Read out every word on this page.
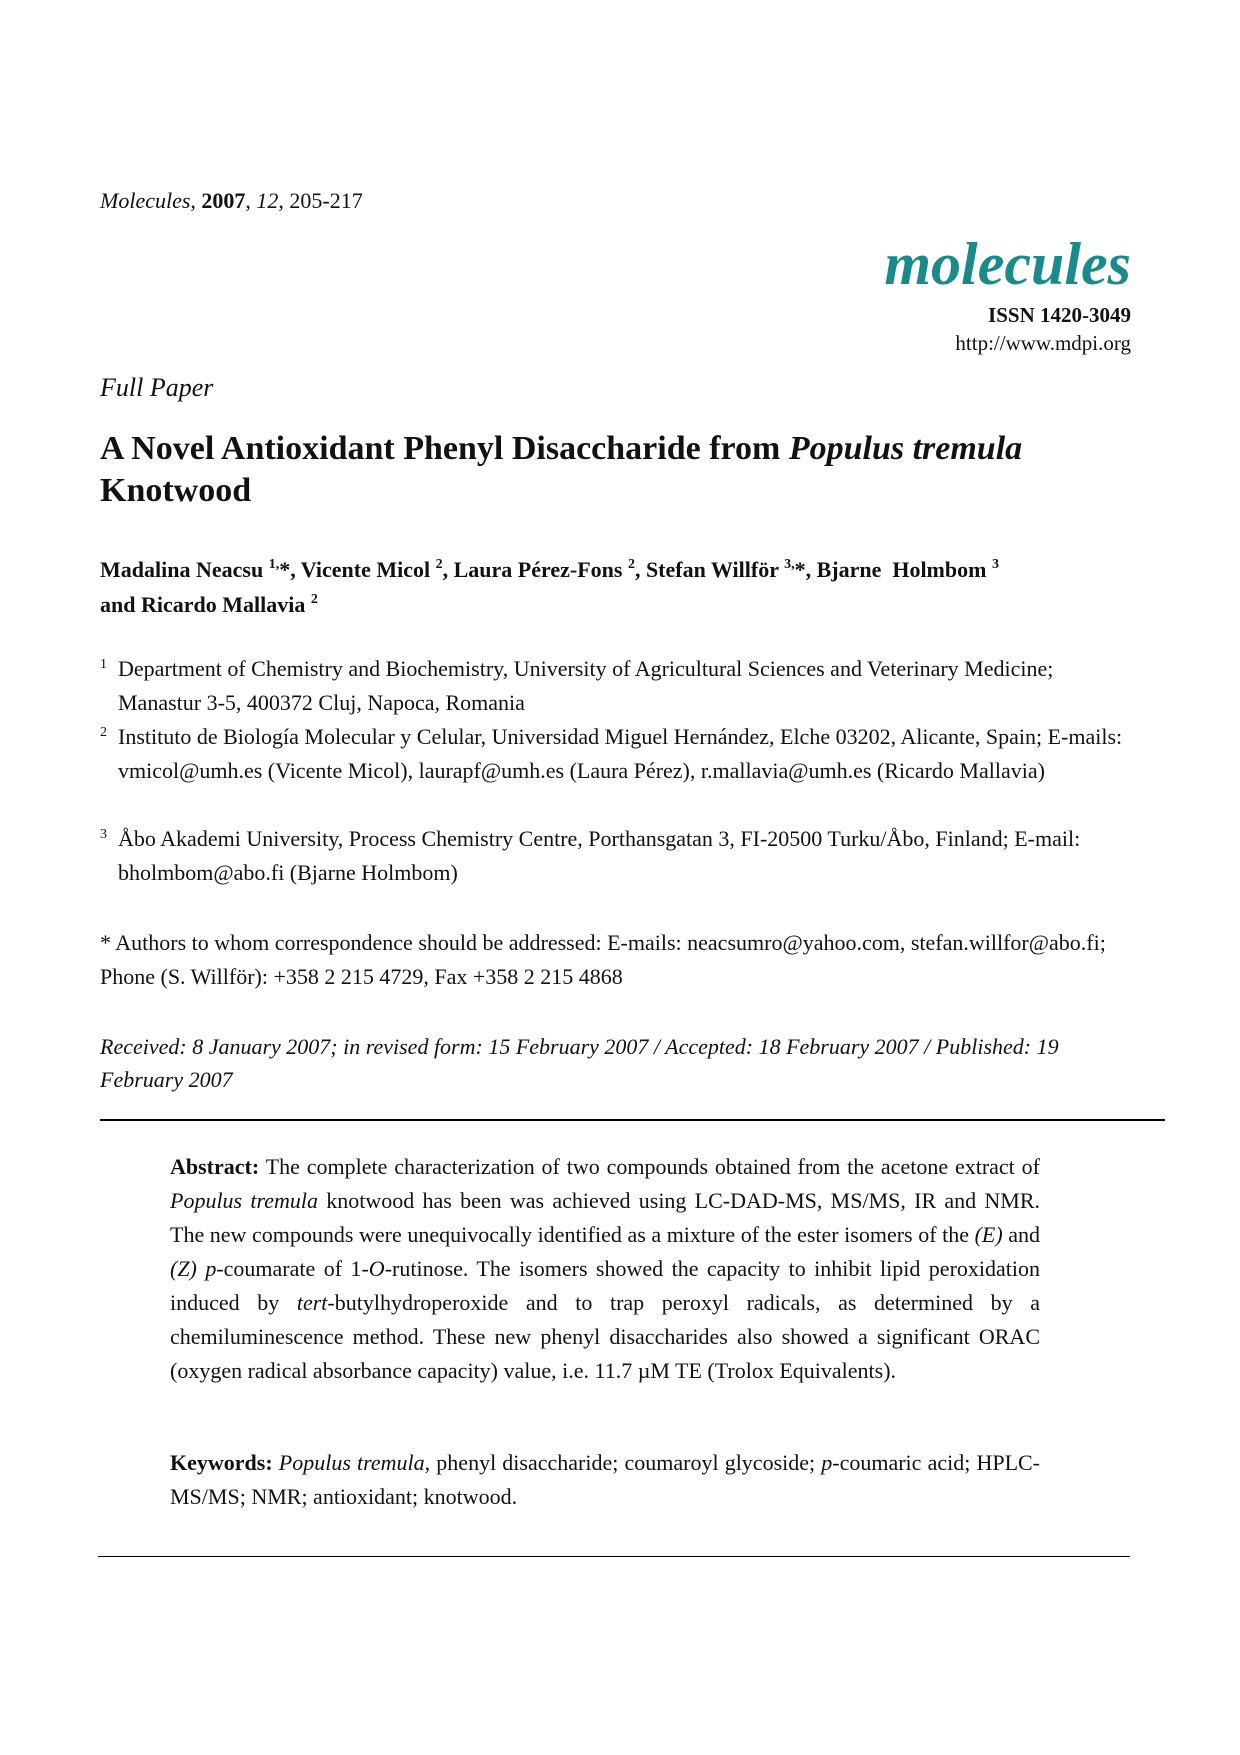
Molecules, 2007, 12, 205-217
molecules
ISSN 1420-3049
http://www.mdpi.org
Full Paper
A Novel Antioxidant Phenyl Disaccharide from Populus tremula
Knotwood
Madalina Neacsu $^{1,}$*, Vicente Micol $^2$, Laura Pérez-Fons $^2$, Stefan Willför $^{3,}$*, Bjarne  Holmbom $^3$
and Ricardo Mallavia $^2$
1 Department of Chemistry and Biochemistry, University of Agricultural Sciences and Veterinary Medicine; Manastur 3-5, 400372 Cluj, Napoca, Romania
2 Instituto de Biología Molecular y Celular, Universidad Miguel Hernández, Elche 03202, Alicante, Spain; E-mails: vmicol@umh.es (Vicente Micol), laurapf@umh.es (Laura Pérez), r.mallavia@umh.es (Ricardo Mallavia)
3 Åbo Akademi University, Process Chemistry Centre, Porthansgatan 3, FI-20500 Turku/Åbo, Finland; E-mail: bholmbom@abo.fi (Bjarne Holmbom)
* Authors to whom correspondence should be addressed: E-mails: neacsumro@yahoo.com, stefan.willfor@abo.fi; Phone (S. Willför): +358 2 215 4729, Fax +358 2 215 4868
Received: 8 January 2007; in revised form: 15 February 2007 / Accepted: 18 February 2007 / Published: 19 February 2007
Abstract: The complete characterization of two compounds obtained from the acetone extract of Populus tremula knotwood has been was achieved using LC-DAD-MS, MS/MS, IR and NMR. The new compounds were unequivocally identified as a mixture of the ester isomers of the (E) and (Z) p-coumarate of 1-O-rutinose. The isomers showed the capacity to inhibit lipid peroxidation induced by tert-butylhydroperoxide and to trap peroxyl radicals, as determined by a chemiluminescence method. These new phenyl disaccharides also showed a significant ORAC (oxygen radical absorbance capacity) value, i.e. 11.7 µM TE (Trolox Equivalents).
Keywords: Populus tremula, phenyl disaccharide; coumaroyl glycoside; p-coumaric acid; HPLC-MS/MS; NMR; antioxidant; knotwood.
